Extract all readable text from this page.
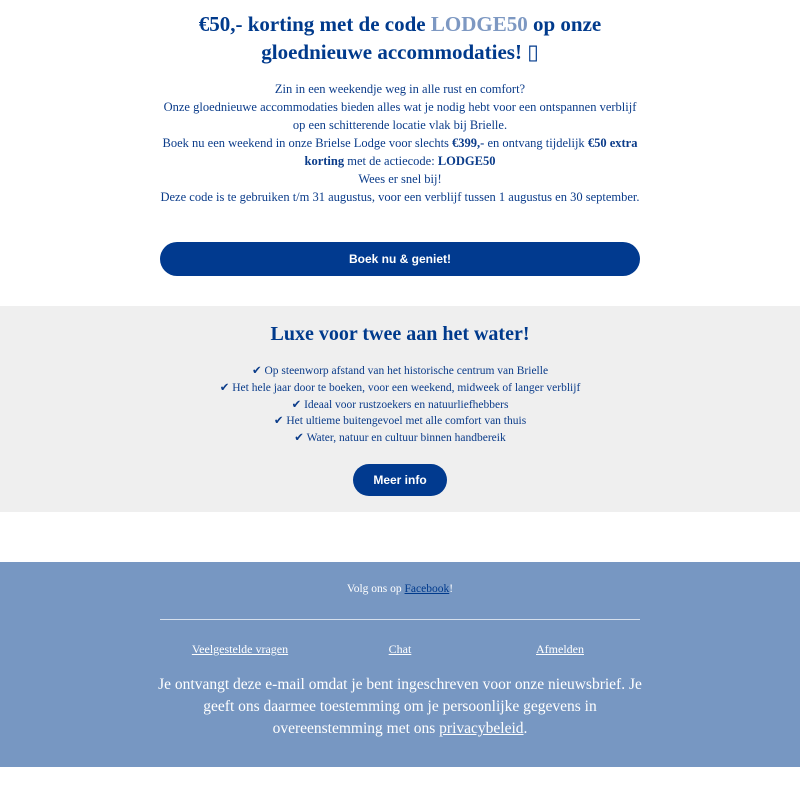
€50,- korting met de code LODGE50 op onze gloednieuwe accommodaties! ▯
Zin in een weekendje weg in alle rust en comfort?
Onze gloednieuwe accommodaties bieden alles wat je nodig hebt voor een ontspannen verblijf op een schitterende locatie vlak bij Brielle.
Boek nu een weekend in onze Brielse Lodge voor slechts €399,- en ontvang tijdelijk €50 extra korting met de actiecode: LODGE50
Wees er snel bij!
Deze code is te gebruiken t/m 31 augustus, voor een verblijf tussen 1 augustus en 30 september.
Boek nu & geniet!
Luxe voor twee aan het water!
✔ Op steenworp afstand van het historische centrum van Brielle
✔ Het hele jaar door te boeken, voor een weekend, midweek of langer verblijf
✔ Ideaal voor rustzoekers en natuurliefhebbers
✔ Het ultieme buitengevoel met alle comfort van thuis
✔ Water, natuur en cultuur binnen handbereik
Meer info
Volg ons op Facebook!
Veelgestelde vragen	Chat	Afmelden
Je ontvangt deze e-mail omdat je bent ingeschreven voor onze nieuwsbrief. Je geeft ons daarmee toestemming om je persoonlijke gegevens in overeenstemming met ons privacybeleid.
